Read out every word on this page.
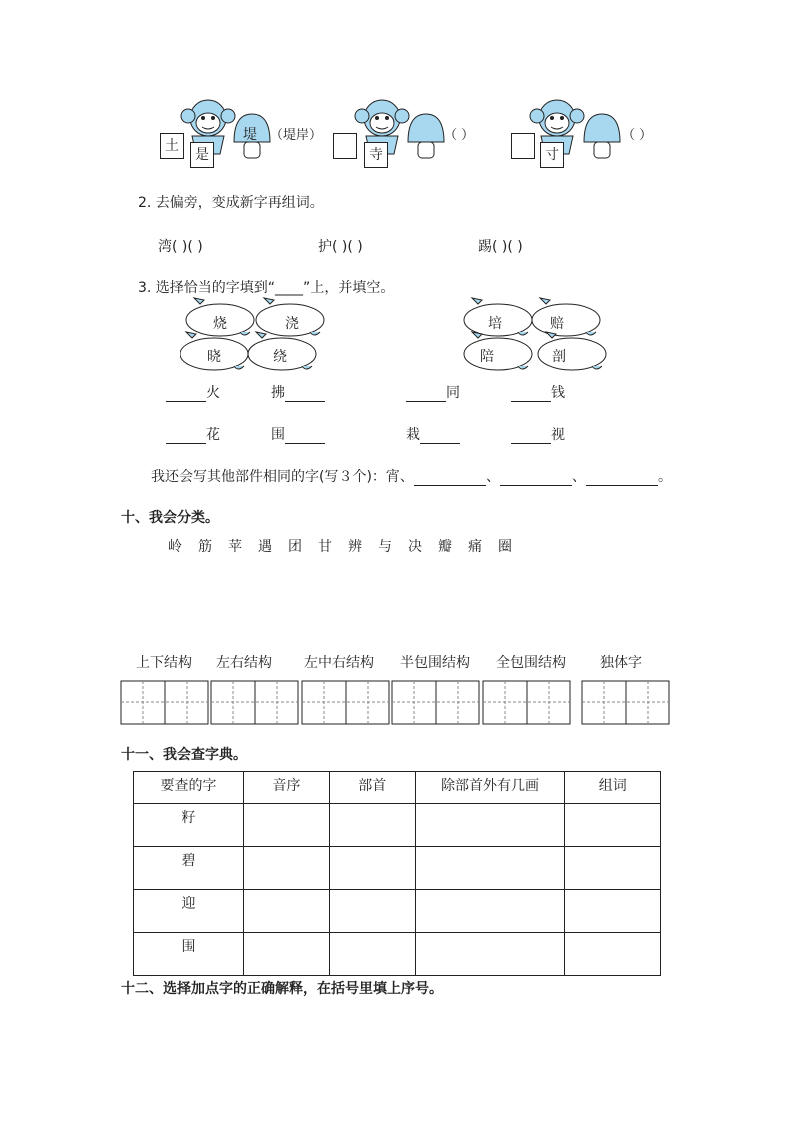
土
是
堤 （堤岸）
寺
（ ）
寸
（ ）
2. 去偏旁，变成新字再组词。
湾( )( )	护( )( )	踢( )( )
3. 选择恰当的字填到“____”上，并填空。
烧	浇
晓	绕
培	赔
陪	剖
火	拂	同	钱
花	围	栽	视
我还会写其他部件相同的字(写３个)：宵、	、	、	。
十、我会分类。
岭 筋 苹 遇 团 甘 辨 与 决 瓣 痛 圈
上下结构 左右结构 左中右结构 半包围结构 全包围结构 独体字
十一、我会查字典。
要查的字	音序	部首	除部首外有几画	组词
籽				
碧				
迎				
围				
十二、选择加点字的正确解释，在括号里填上序号。
